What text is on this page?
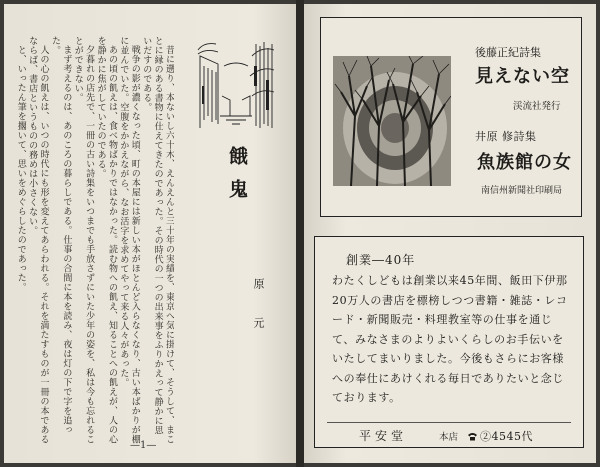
昔に遡り、本ないし六十木、えんえんと三十年の実績を、東京へ気に掛けて、そうして、まことに縁のある書物に仕えてきたのであった。その時代の一つの出来事をふりかえって静かに思いだすのである。

戦争の影が濃くなった頃、町の本屋には新しい本がほとんど入らなくなり、古い本ばかりが棚に並んでいた。空腹をかかえながら、なお活字を求めてやって来る人々があった。

あの頃の飢えは、食べ物ばかりではなかった。読む物への飢え、知ることへの飢えが、人の心を静かに焦がしていたのである。

夕暮れの店先で、一冊の古い詩集をいつまでも手放さずにいた少年の姿を、私は今も忘れることができない。

まず考えるのは、あのころの暮らしである。仕事の合間に本を読み、夜は灯の下で字を追った。

人の心の飢えは、いつの時代にも形を変えてあらわれる。それを満たすものが一冊の本であるならば、書店というものの務めは小さくない。

と、いったん筆を擱いて、思いをめぐらしたのであった。	餓鬼
原元
—1—

後藤正紀詩集

見えない空

渓流社発行

井原 修詩集

魚族館の女

南信州新聞社印刷局

創業―40年

わたくしどもは創業以来45年間、飯田下伊那20万人の書店を標榜しつつ書籍・雑誌・レコード・新聞販売・料理教室等の仕事を通じて、みなさまのよりよいくらしのお手伝いをいたしてまいりました。今後もさらにお客様への奉仕にあけくれる毎日でありたいと念じております。

平安堂	本店	②4545代
